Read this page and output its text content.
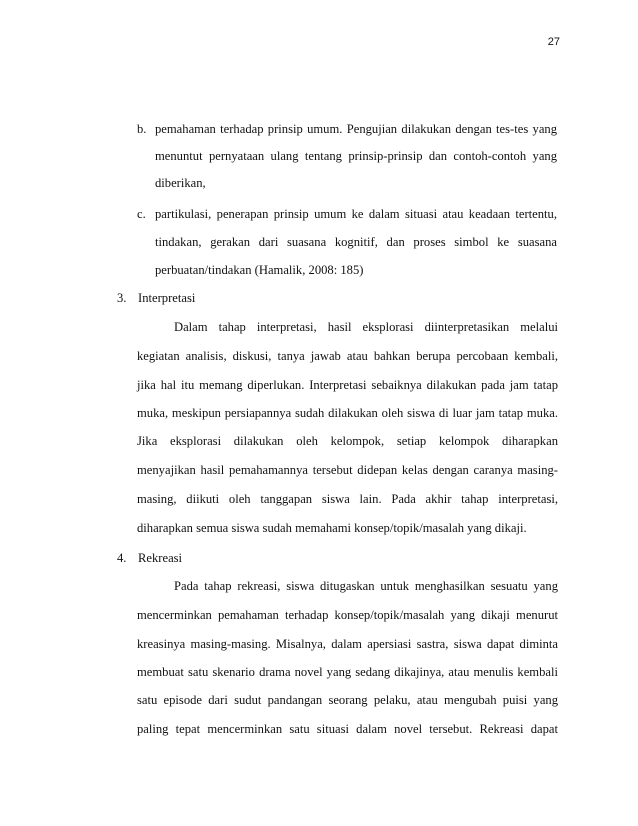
27
b. pemahaman terhadap prinsip umum. Pengujian dilakukan dengan tes-tes yang
menuntut pernyataan ulang tentang prinsip-prinsip dan contoh-contoh yang
diberikan,
c. partikulasi, penerapan prinsip umum ke dalam situasi atau keadaan tertentu,
tindakan, gerakan dari suasana kognitif, dan proses simbol ke suasana
perbuatan/tindakan (Hamalik, 2008: 185)
3. Interpretasi
Dalam tahap interpretasi, hasil eksplorasi diinterpretasikan melalui
kegiatan analisis, diskusi, tanya jawab atau bahkan berupa percobaan kembali,
jika hal itu memang diperlukan. Interpretasi sebaiknya dilakukan pada jam tatap
muka, meskipun persiapannya sudah dilakukan oleh siswa di luar jam tatap muka.
Jika eksplorasi dilakukan oleh kelompok, setiap kelompok diharapkan
menyajikan hasil pemahamannya tersebut didepan kelas dengan caranya masing-
masing, diikuti oleh tanggapan siswa lain. Pada akhir tahap interpretasi,
diharapkan semua siswa sudah memahami konsep/topik/masalah yang dikaji.
4. Rekreasi
Pada tahap rekreasi, siswa ditugaskan untuk menghasilkan sesuatu yang
mencerminkan pemahaman terhadap konsep/topik/masalah yang dikaji menurut
kreasinya masing-masing. Misalnya, dalam apersiasi sastra, siswa dapat diminta
membuat satu skenario drama novel yang sedang dikajinya, atau menulis kembali
satu episode dari sudut pandangan seorang pelaku, atau mengubah puisi yang
paling tepat mencerminkan satu situasi dalam novel tersebut. Rekreasi dapat
